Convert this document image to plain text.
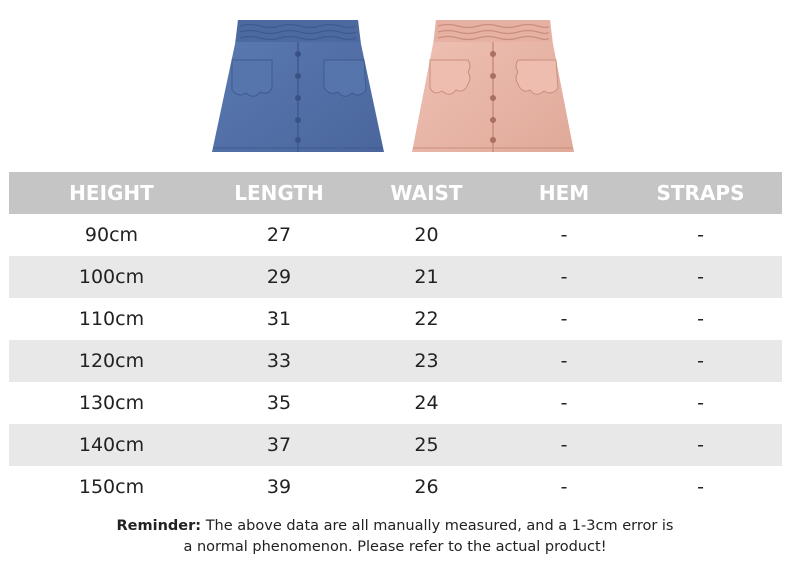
HEIGHT	LENGTH	WAIST	HEM	STRAPS
90cm	27	20	-	-
100cm	29	21	-	-
110cm	31	22	-	-
120cm	33	23	-	-
130cm	35	24	-	-
140cm	37	25	-	-
150cm	39	26	-	-
Reminder: The above data are all manually measured, and a 1-3cm error is
a normal phenomenon. Please refer to the actual product!
